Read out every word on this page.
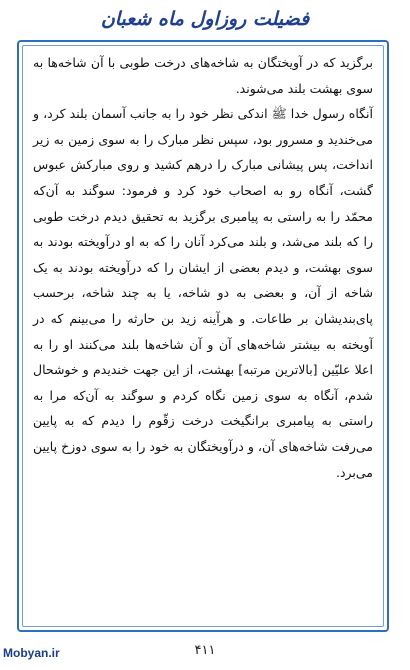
فضیلت روزاول ماه شعبان

برگزید که در آویختگان به شاخه‌های درخت طوبی با آن شاخه‌ها به سوی بهشت بلند می‌شوند.

آنگاه رسول خدا ﷺ اندکی نظر خود را به جانب آسمان بلند کرد، و می‌خندید و مسرور بود، سپس نظر مبارک را به سوی زمین به زیر انداخت، پس پیشانی مبارک را درهم کشید و روی مبارکش عبوس گشت، آنگاه رو به اصحاب خود کرد و فرمود: سوگند به آن‌که محمّد را به راستی به پیامبری برگزید به تحقیق دیدم درخت طوبی را که بلند می‌شد، و بلند می‌کرد آنان را که به او درآویخته بودند به سوی بهشت، و دیدم بعضی از ایشان را که درآویخته بودند به یک شاخه از آن، و بعضی به دو شاخه، یا به چند شاخه، برحسب پای‌بندیشان بر طاعات. و هرآینه زید بن حارثه را می‌بینم که در آویخته به بیشتر شاخه‌های آن و آن شاخه‌ها بلند می‌کنند او را به اعلا علیّین [بالاترین مرتبه] بهشت، از این جهت خندیدم و خوشحال شدم، آنگاه به سوی زمین نگاه کردم و سوگند به آن‌که مرا به راستی به پیامبری برانگیخت درخت زقّوم را دیدم که به پایین می‌رفت شاخه‌های آن، و درآویختگان به خود را به سوی دوزخ پایین می‌برد.

۴۱۱
Mobyan.ir
